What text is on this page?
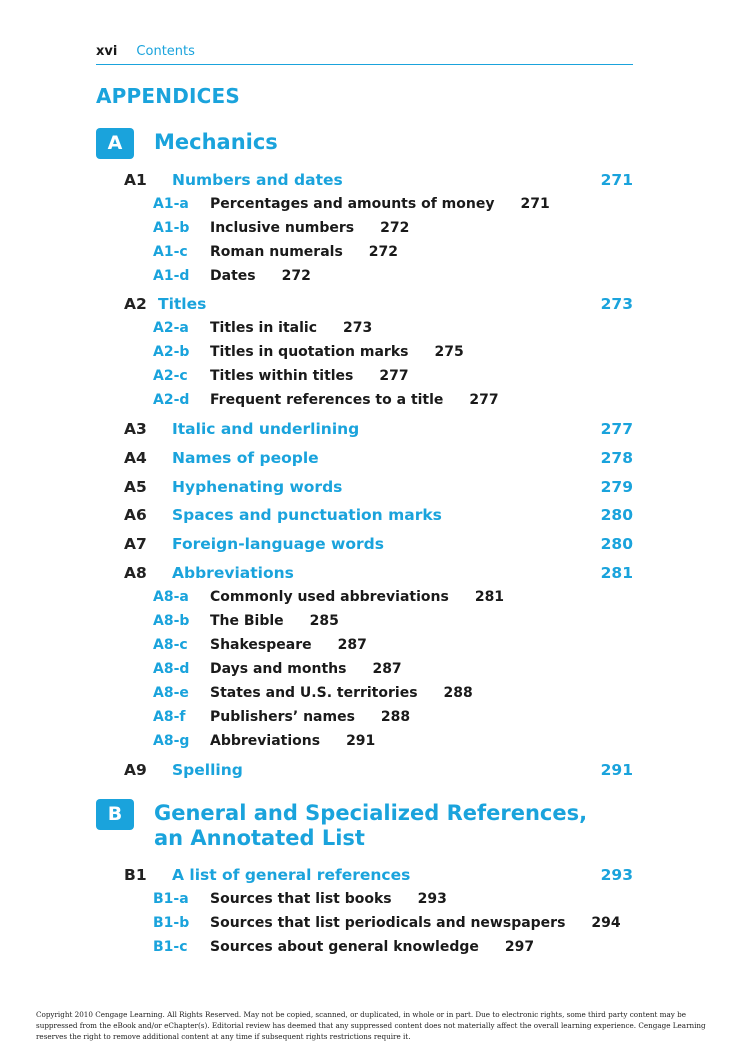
xvi Contents
APPENDICES
A	Mechanics
A1 Numbers and dates	271
A1-a Percentages and amounts of money 271
A1-b Inclusive numbers 272
A1-c Roman numerals 272
A1-d Dates 272
A2 Titles	273
A2-a Titles in italic 273
A2-b Titles in quotation marks 275
A2-c Titles within titles 277
A2-d Frequent references to a title 277
A3 Italic and underlining	277
A4 Names of people	278
A5 Hyphenating words	279
A6 Spaces and punctuation marks	280
A7 Foreign-language words	280
A8 Abbreviations	281
A8-a Commonly used abbreviations 281
A8-b The Bible 285
A8-c Shakespeare 287
A8-d Days and months 287
A8-e States and U.S. territories 288
A8-f Publishers’ names 288
A8-g Abbreviations 291
A9 Spelling	291
B	General and Specialized References,
an Annotated List
B1 A list of general references	293
B1-a Sources that list books 293
B1-b Sources that list periodicals and newspapers 294
B1-c Sources about general knowledge 297
Copyright 2010 Cengage Learning. All Rights Reserved. May not be copied, scanned, or duplicated, in whole or in part. Due to electronic rights, some third party content may be suppressed from the eBook and/or eChapter(s). Editorial review has deemed that any suppressed content does not materially affect the overall learning experience. Cengage Learning reserves the right to remove additional content at any time if subsequent rights restrictions require it.
